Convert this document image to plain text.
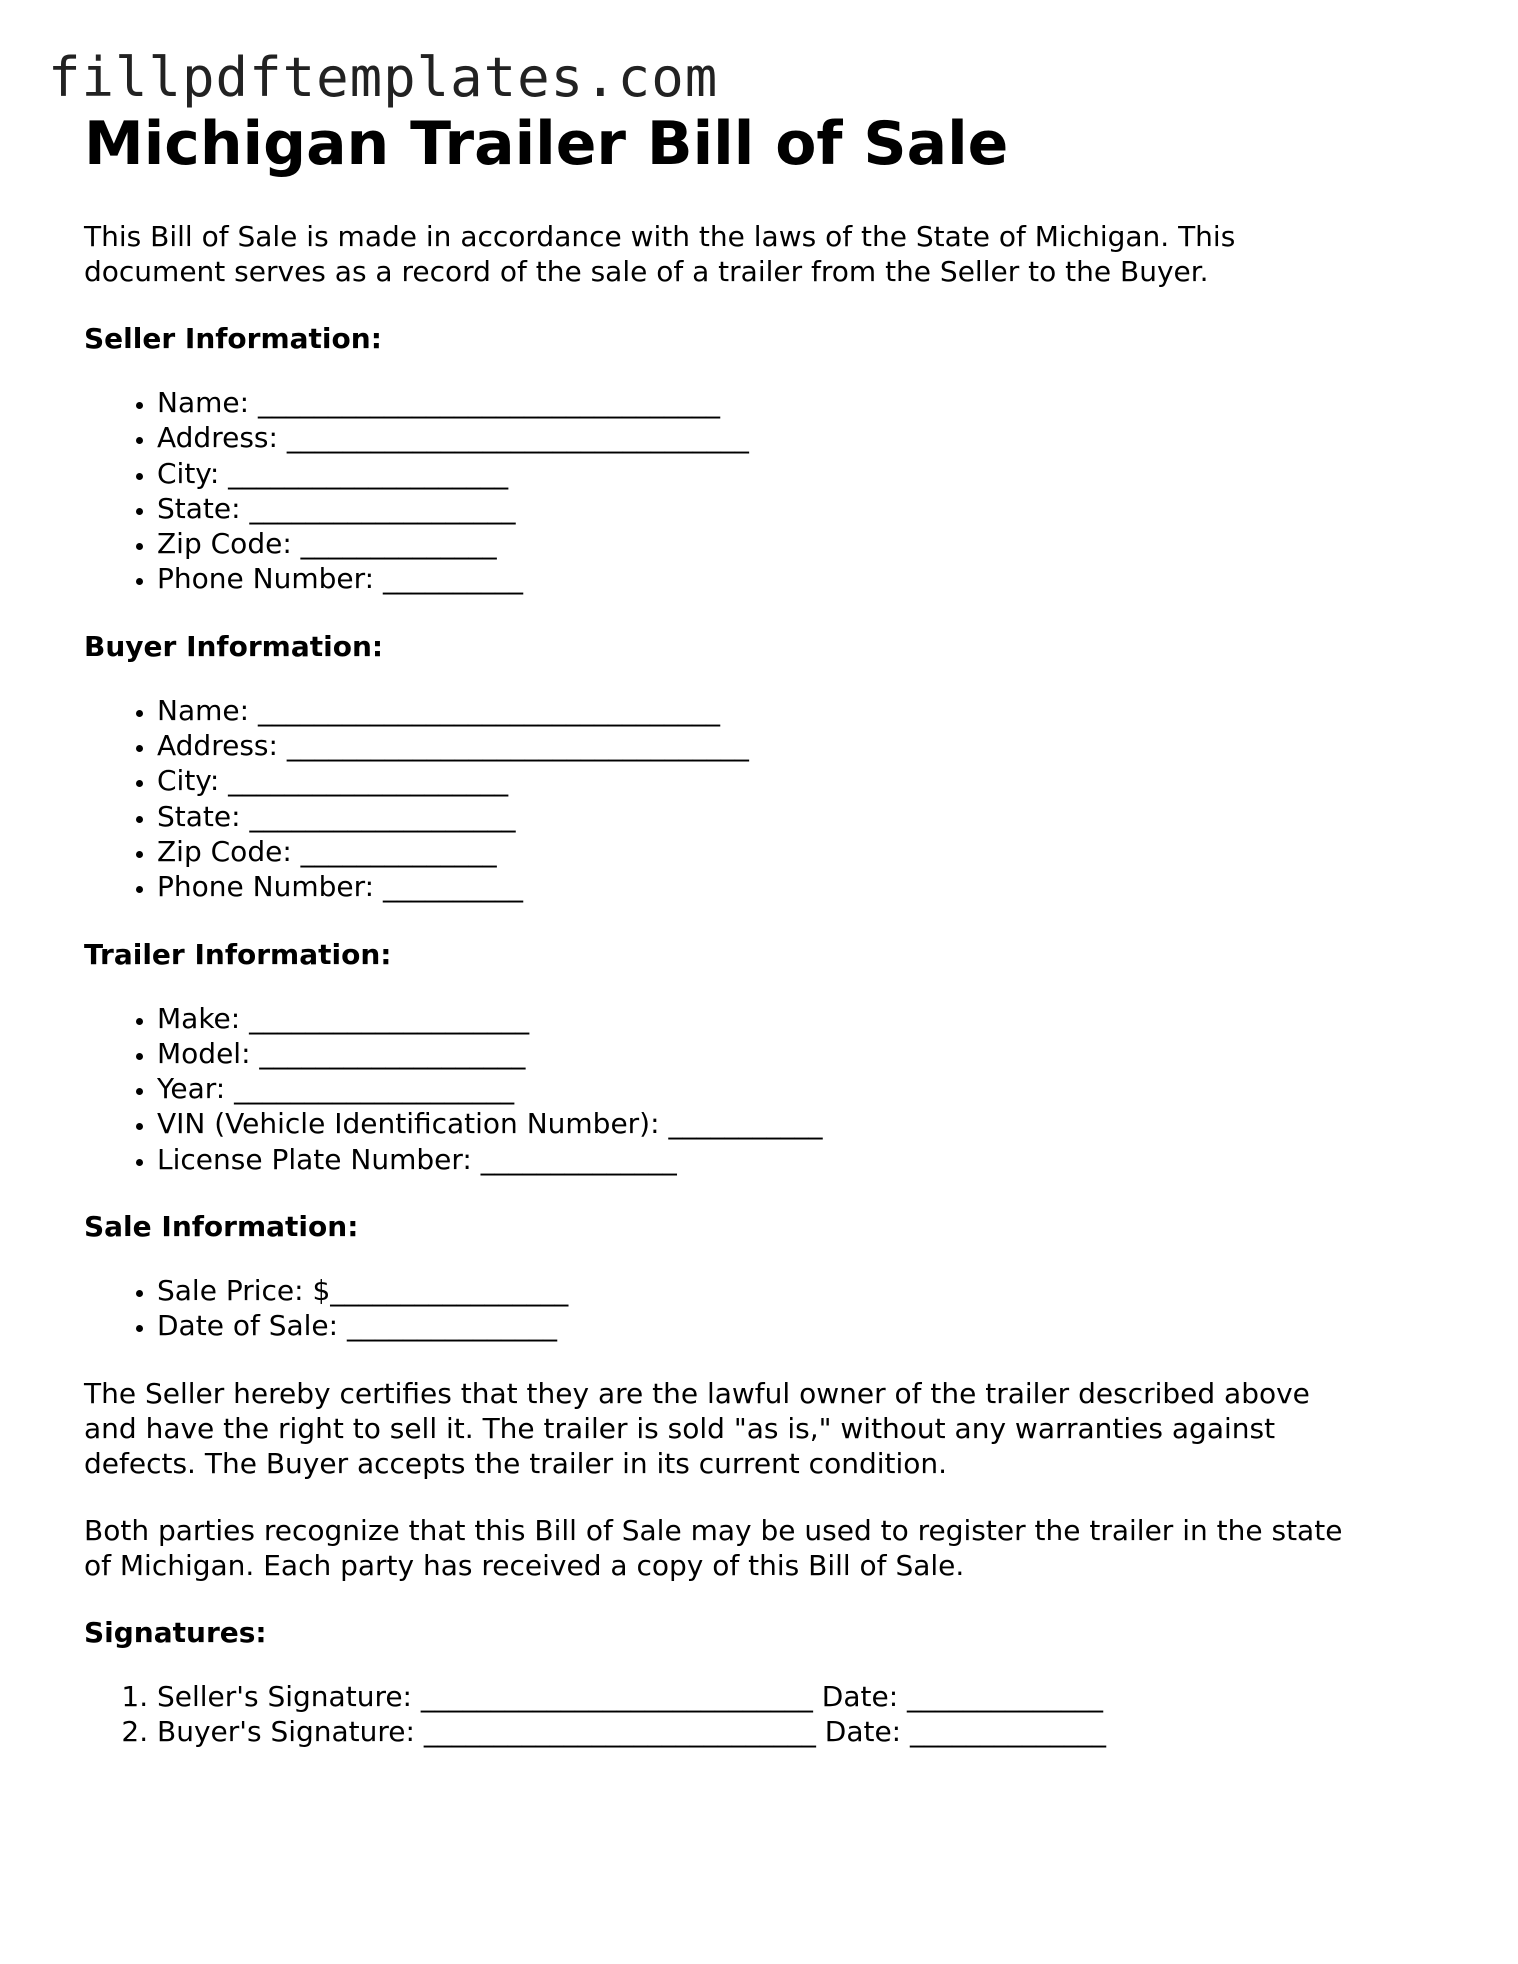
fillpdftemplates.com
Michigan Trailer Bill of Sale

This Bill of Sale is made in accordance with the laws of the State of Michigan. This

document serves as a record of the sale of a trailer from the Seller to the Buyer.

Seller Information:
• Name: _________________________________
• Address: _________________________________
• City: ____________________
• State: ___________________
• Zip Code: ______________
• Phone Number: __________
Buyer Information:
• Name: _________________________________
• Address: _________________________________
• City: ____________________
• State: ___________________
• Zip Code: ______________
• Phone Number: __________
Trailer Information:
• Make: ____________________
• Model: ___________________
• Year: ____________________
• VIN (Vehicle Identification Number): ___________
• License Plate Number: ______________
Sale Information:
• Sale Price: $_________________
• Date of Sale: _______________

The Seller hereby certifies that they are the lawful owner of the trailer described above

and have the right to sell it. The trailer is sold "as is," without any warranties against

defects. The Buyer accepts the trailer in its current condition.

Both parties recognize that this Bill of Sale may be used to register the trailer in the state

of Michigan. Each party has received a copy of this Bill of Sale.

Signatures:
1. Seller's Signature: ____________________________ Date: ______________
2. Buyer's Signature: ____________________________ Date: ______________
